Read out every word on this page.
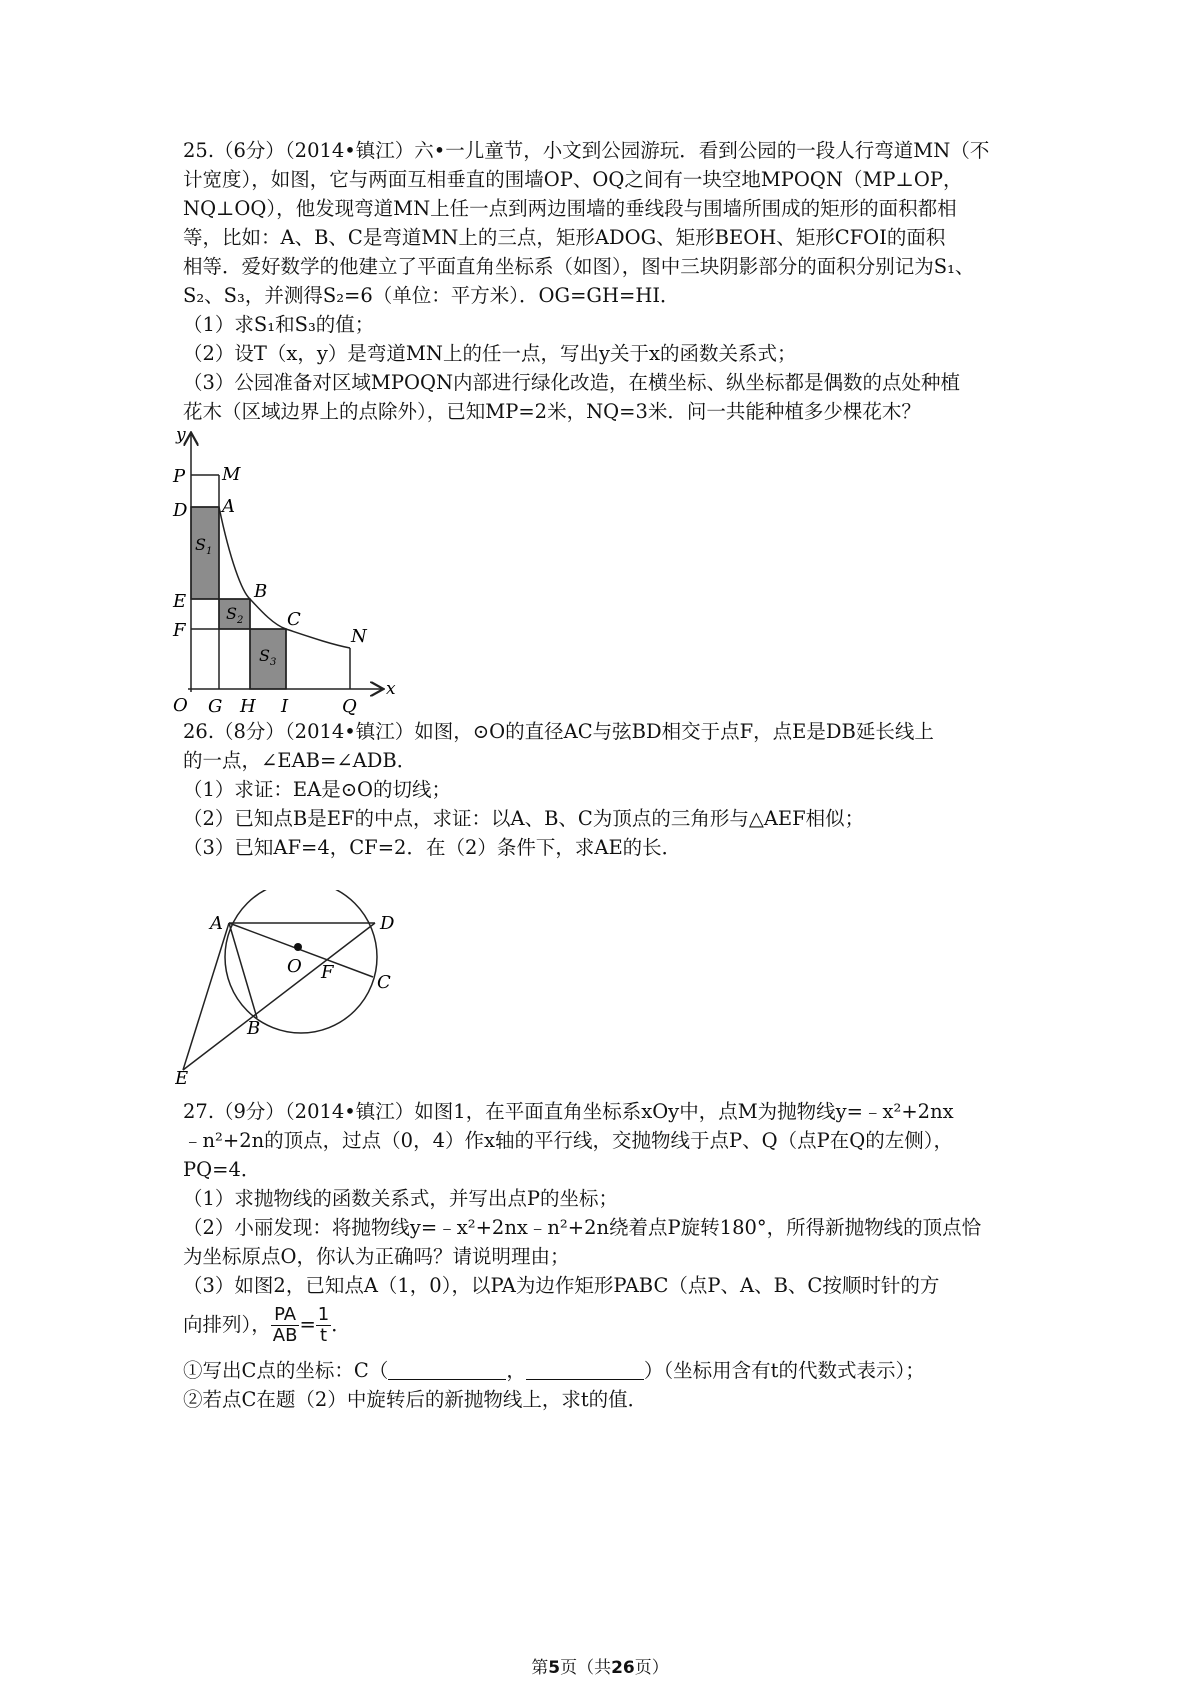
25.（6分）（2014•镇江）六•一儿童节，小文到公园游玩．看到公园的一段人行弯道MN（不
计宽度），如图，它与两面互相垂直的围墙OP、OQ之间有一块空地MPOQN（MP⊥OP，
NQ⊥OQ），他发现弯道MN上任一点到两边围墙的垂线段与围墙所围成的矩形的面积都相
等，比如：A、B、C是弯道MN上的三点，矩形ADOG、矩形BEOH、矩形CFOI的面积
相等．爱好数学的他建立了平面直角坐标系（如图），图中三块阴影部分的面积分别记为S₁、
S₂、S₃，并测得S₂=6（单位：平方米）．OG=GH=HI．
（1）求S₁和S₃的值；
（2）设T（x，y）是弯道MN上的任一点，写出y关于x的函数关系式；
（3）公园准备对区域MPOQN内部进行绿化改造，在横坐标、纵坐标都是偶数的点处种植
花木（区域边界上的点除外），已知MP=2米，NQ=3米．问一共能种植多少棵花木？
y
x
P M
D A
E	B
F
C
N
O G H I	Q
$S_1$
$S_2$
$S_3$
26.（8分）（2014•镇江）如图，⊙O的直径AC与弦BD相交于点F，点E是DB延长线上
的一点，∠EAB=∠ADB．
（1）求证：EA是⊙O的切线；
（2）已知点B是EF的中点，求证：以A、B、C为顶点的三角形与△AEF相似；
（3）已知AF=4，CF=2．在（2）条件下，求AE的长．
A	D
O F C
B
E
27.（9分）（2014•镇江）如图1，在平面直角坐标系xOy中，点M为抛物线y=﹣x²+2nx
﹣n²+2n的顶点，过点（0，4）作x轴的平行线，交抛物线于点P、Q（点P在Q的左侧），
PQ=4．
（1）求抛物线的函数关系式，并写出点P的坐标；
（2）小丽发现：将抛物线y=﹣x²+2nx﹣n²+2n绕着点P旋转180°，所得新抛物线的顶点恰
为坐标原点O，你认为正确吗？请说明理由；
（3）如图2，已知点A（1，0），以PA为边作矩形PABC（点P、A、B、C按顺时针的方
向排列）， $\frac{PA}{AB} = \frac{1}{t}$ ．
①写出C点的坐标：C（	，	）（坐标用含有t的代数式表示）；
②若点C在题（2）中旋转后的新抛物线上，求t的值．
第5页（共26页）
